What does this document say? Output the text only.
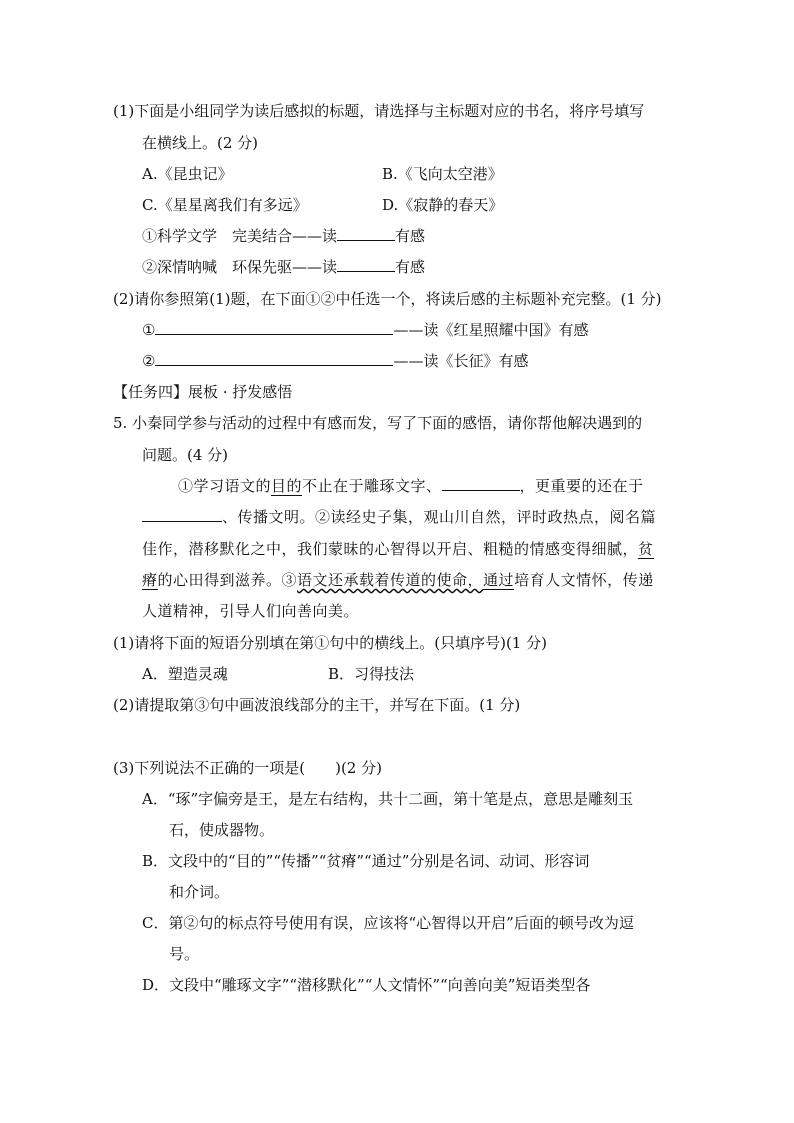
(1)下面是小组同学为读后感拟的标题，请选择与主标题对应的书名，将序号填写
在横线上。(2 分)
A.《昆虫记》	B.《飞向太空港》
C.《星星离我们有多远》	D.《寂静的春天》
①科学文学　完美结合——读	有感
②深情呐喊　环保先驱——读	有感
(2)请你参照第(1)题，在下面①②中任选一个，将读后感的主标题补充完整。(1 分)
①	——读《红星照耀中国》有感
②	——读《长征》有感
【任务四】展板 · 抒发感悟
5. 小秦同学参与活动的过程中有感而发，写了下面的感悟，请你帮他解决遇到的
问题。(4 分)
①学习语文的目的不止在于雕琢文字、	，更重要的还在于
、传播文明。②读经史子集，观山川自然，评时政热点，阅名篇
佳作，潜移默化之中，我们蒙昧的心智得以开启、粗糙的情感变得细腻，贫
瘠的心田得到滋养。③语文还承载着传道的使命，通过培育人文情怀，传递
人道精神，引导人们向善向美。
(1)请将下面的短语分别填在第①句中的横线上。(只填序号)(1 分)
A．塑造灵魂	B．习得技法
(2)请提取第③句中画波浪线部分的主干，并写在下面。(1 分)
(3)下列说法不正确的一项是(　　)(2 分)
A．“琢”字偏旁是王，是左右结构，共十二画，第十笔是点，意思是雕刻玉
石，使成器物。
B．文段中的“目的”“传播”“贫瘠”“通过”分别是名词、动词、形容词
和介词。
C．第②句的标点符号使用有误，应该将“心智得以开启”后面的顿号改为逗
号。
D．文段中“雕琢文字”“潜移默化”“人文情怀”“向善向美”短语类型各
